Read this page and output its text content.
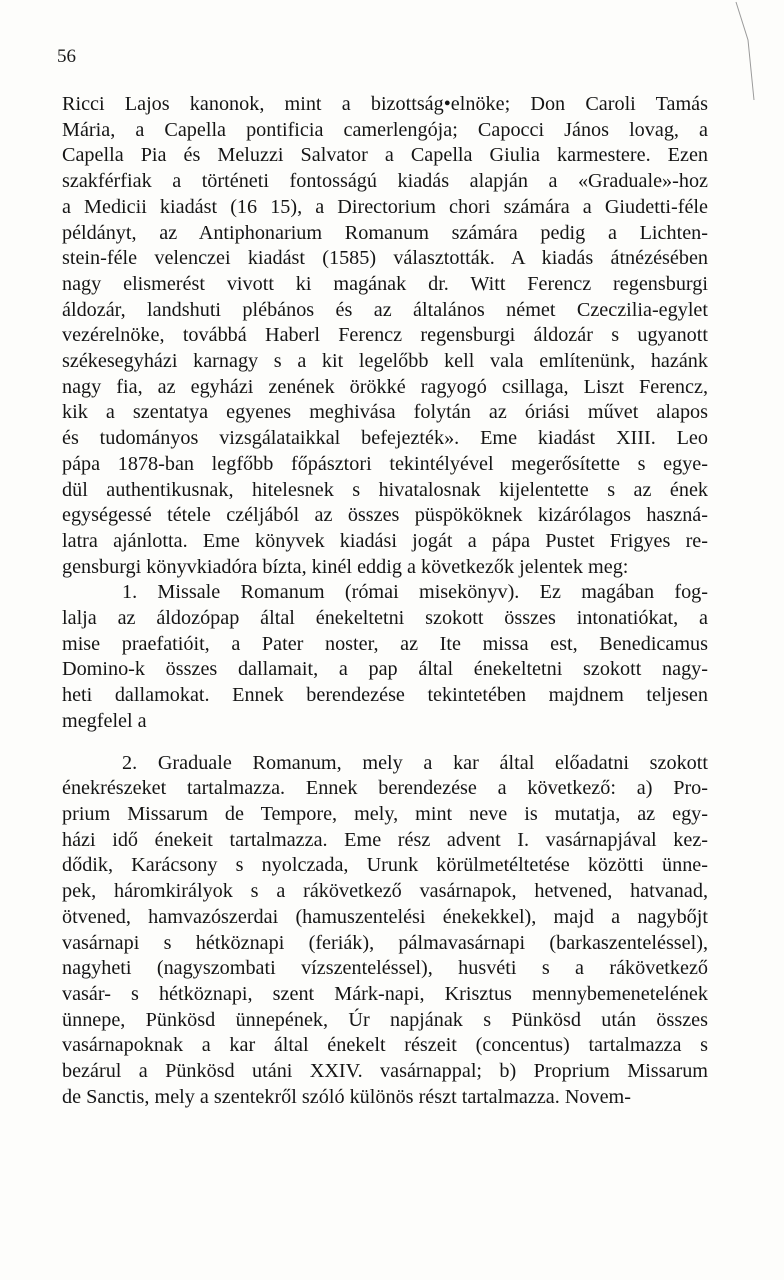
56
Ricci Lajos kanonok, mint a bizottság•elnöke; Don Caroli Tamás
Mária, a Capella pontificia camerlengója; Capocci János lovag, a
Capella Pia és Meluzzi Salvator a Capella Giulia karmestere. Ezen
szakférfiak a történeti fontosságú kiadás alapján a «Graduale»-hoz
a Medicii kiadást (16 15), a Directorium chori számára a Giudetti-féle
példányt, az Antiphonarium Romanum számára pedig a Lichten-
stein-féle velenczei kiadást (1585) választották. A kiadás átnézésében
nagy elismerést vivott ki magának dr. Witt Ferencz regensburgi
áldozár, landshuti plébános és az általános német Czeczilia-egylet
vezérelnöke, továbbá Haberl Ferencz regensburgi áldozár s ugyanott
székesegyházi karnagy s a kit legelőbb kell vala említenünk, hazánk
nagy fia, az egyházi zenének örökké ragyogó csillaga, Liszt Ferencz,
kik a szentatya egyenes meghivása folytán az óriási művet alapos
és tudományos vizsgálataikkal befejezték». Eme kiadást XIII. Leo
pápa 1878-ban legfőbb főpásztori tekintélyével megerősítette s egye-
dül authentikusnak, hitelesnek s hivatalosnak kijelentette s az ének
egységessé tétele czéljából az összes püspököknek kizárólagos haszná-
latra ajánlotta. Eme könyvek kiadási jogát a pápa Pustet Frigyes re-
gensburgi könyvkiadóra bízta, kinél eddig a következők jelentek meg:
1. Missale Romanum (római misekönyv). Ez magában fog-
lalja az áldozópap által énekeltetni szokott összes intonatiókat, a
mise praefatióit, a Pater noster, az Ite missa est, Benedicamus
Domino-k összes dallamait, a pap által énekeltetni szokott nagy-
heti dallamokat. Ennek berendezése tekintetében majdnem teljesen
megfelel a
2. Graduale Romanum, mely a kar által előadatni szokott
énekrészeket tartalmazza. Ennek berendezése a következő: a) Pro-
prium Missarum de Tempore, mely, mint neve is mutatja, az egy-
házi idő énekeit tartalmazza. Eme rész advent I. vasárnapjával kez-
dődik, Karácsony s nyolczada, Urunk körülmetéltetése közötti ünne-
pek, háromkirályok s a rákövetkező vasárnapok, hetvened, hatvanad,
ötvened, hamvazószerdai (hamuszentelési énekekkel), majd a nagybőjt
vasárnapi s hétköznapi (feriák), pálmavasárnapi (barkaszenteléssel),
nagyheti (nagyszombati vízszenteléssel), husvéti s a rákövetkező
vasár- s hétköznapi, szent Márk-napi, Krisztus mennybemenetelének
ünnepe, Pünkösd ünnepének, Úr napjának s Pünkösd után összes
vasárnapoknak a kar által énekelt részeit (concentus) tartalmazza s
bezárul a Pünkösd utáni XXIV. vasárnappal; b) Proprium Missarum
de Sanctis, mely a szentekről szóló különös részt tartalmazza. Novem-
